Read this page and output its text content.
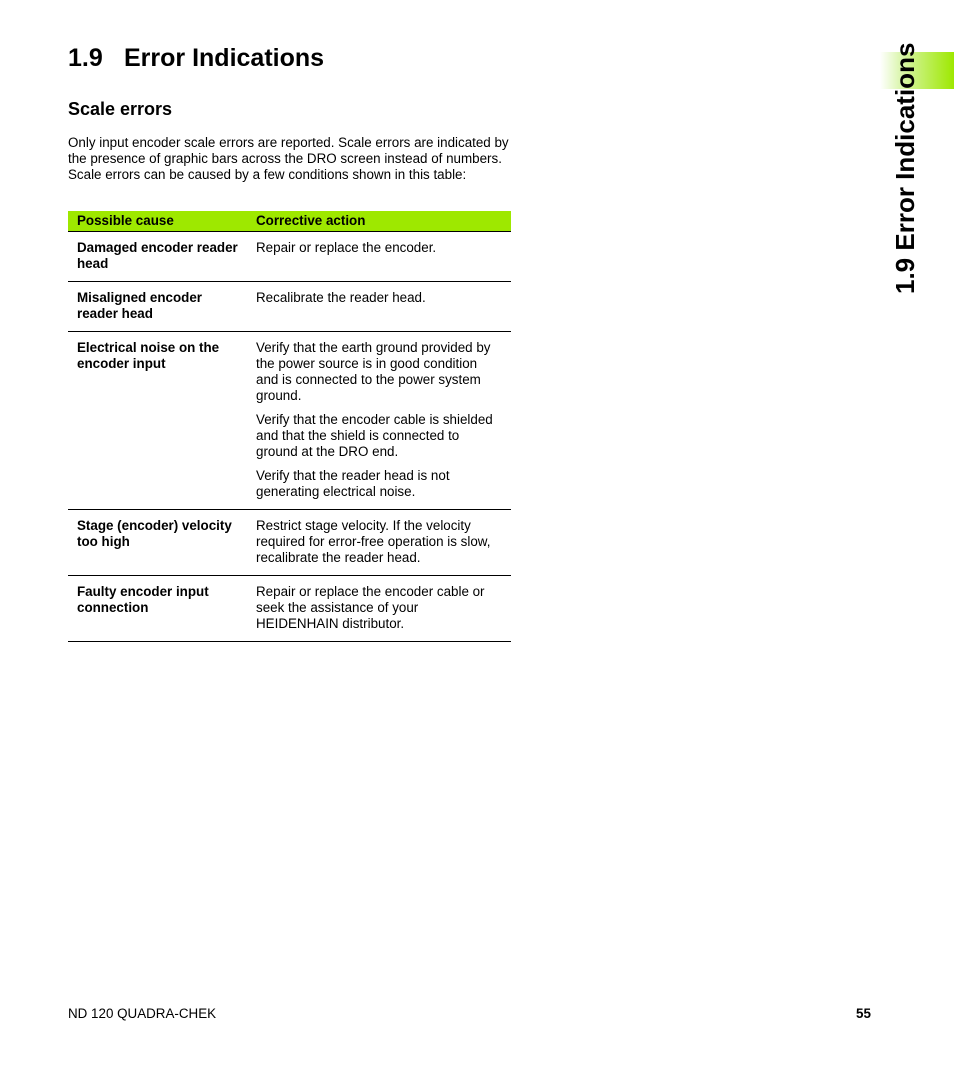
1.9 Error Indications
Scale errors

Only input encoder scale errors are reported. Scale errors are indicated by the presence of graphic bars across the DRO screen instead of numbers. Scale errors can be caused by a few conditions shown in this table:

Possible cause	Corrective action
Damaged encoder reader head	Repair or replace the encoder.

Misaligned encoder reader head	Recalibrate the reader head.

Electrical noise on the encoder input	Verify that the earth ground provided by the power source is in good condition and is connected to the power system ground.

Verify that the encoder cable is shielded and that the shield is connected to ground at the DRO end.

Verify that the reader head is not generating electrical noise.

Stage (encoder) velocity too high	Restrict stage velocity. If the velocity required for error-free operation is slow, recalibrate the reader head.

Faulty encoder input connection	Repair or replace the encoder cable or seek the assistance of your HEIDENHAIN distributor.

1.9 Error Indications
ND 120 QUADRA-CHEK	55
